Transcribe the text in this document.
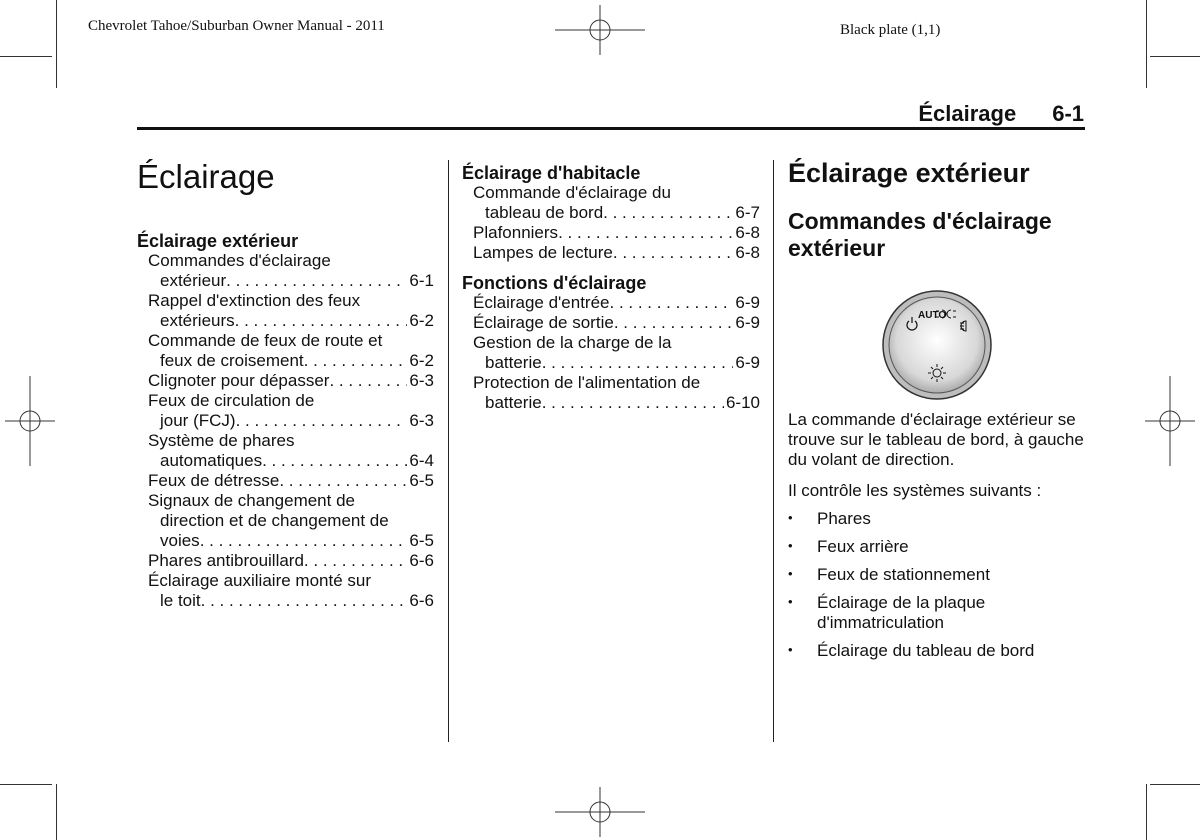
Chevrolet Tahoe/Suburban Owner Manual - 2011	Black plate (1,1)
Éclairage 6-1
Éclairage
Éclairage extérieur
Commandes d'éclairage
extérieur . . .	6-1
Rappel d'extinction des feux
extérieurs . . .	6-2
Commande de feux de route et
feux de croisement . . .	6-2
Clignoter pour dépasser . . .	6-3
Feux de circulation de
jour (FCJ) . . .	6-3
Système de phares
automatiques . . .	6-4
Feux de détresse . . .	6-5
Signaux de changement de
direction et de changement de
voies . . .	6-5
Phares antibrouillard . . .	6-6
Éclairage auxiliaire monté sur
le toit . . .	6-6
Éclairage d'habitacle
Commande d'éclairage du
tableau de bord . . .	6-7
Plafonniers . . .	6-8
Lampes de lecture . . .	6-8
Fonctions d'éclairage
Éclairage d'entrée . . .	6-9
Éclairage de sortie . . .	6-9
Gestion de la charge de la
batterie . . .	6-9
Protection de l'alimentation de
batterie . . .	6-10
Éclairage extérieur
Commandes d'éclairage extérieur
AUTO
La commande d'éclairage extérieur se trouve sur le tableau de bord, à gauche du volant de direction.
Il contrôle les systèmes suivants :
• Phares
• Feux arrière
• Feux de stationnement
• Éclairage de la plaque d'immatriculation
• Éclairage du tableau de bord
